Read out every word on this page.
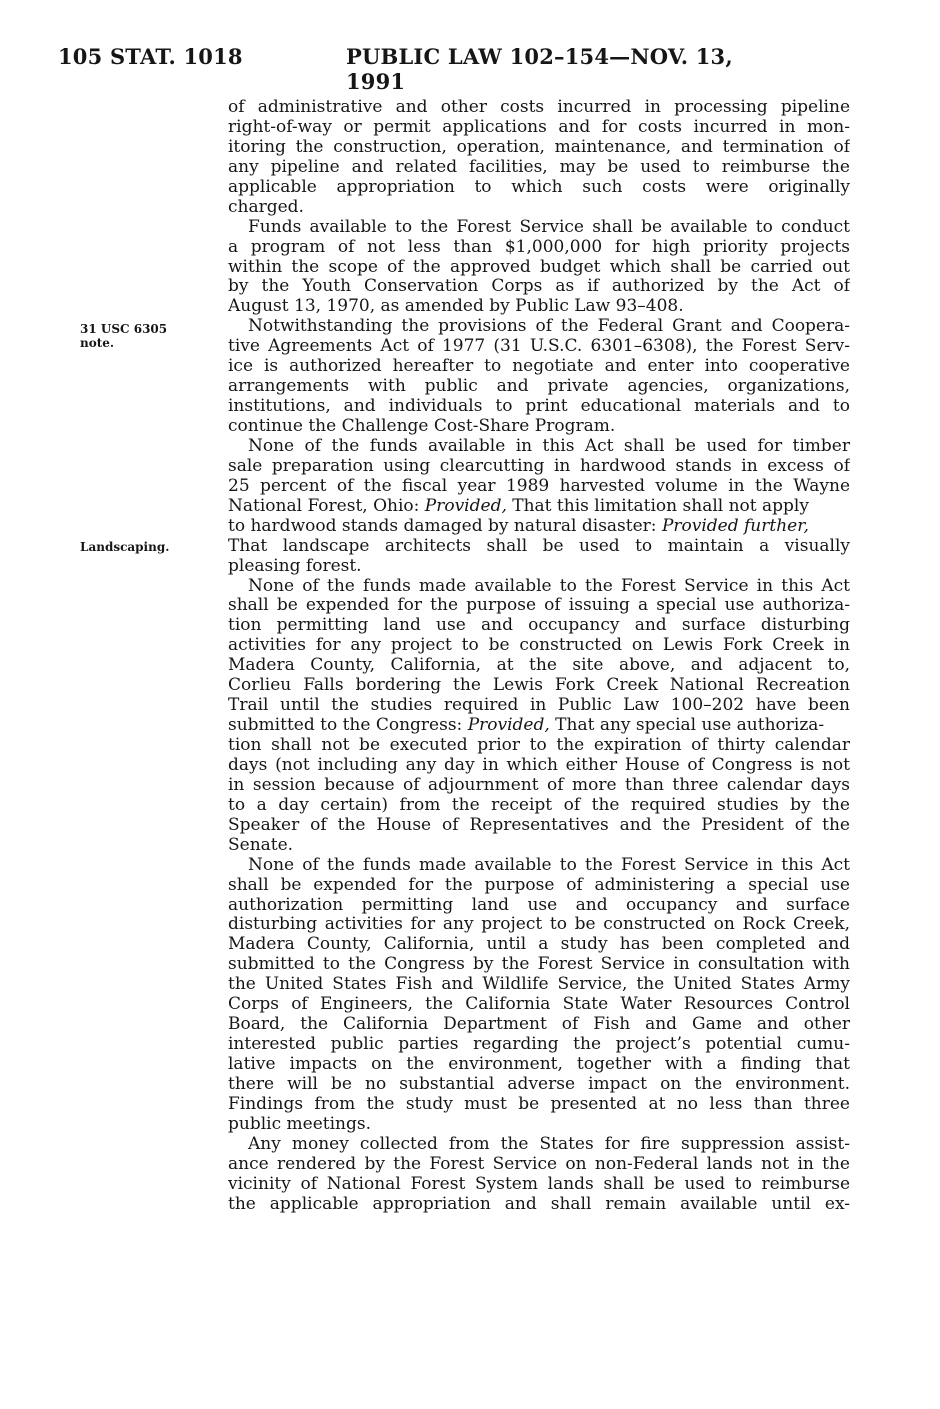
105 STAT. 1018	PUBLIC LAW 102–154—NOV. 13, 1991
31 USC 6305
note.
Landscaping.
of administrative and other costs incurred in processing pipeline
right-of-way or permit applications and for costs incurred in mon-
itoring the construction, operation, maintenance, and termination of
any pipeline and related facilities, may be used to reimburse the
applicable appropriation to which such costs were originally
charged.
Funds available to the Forest Service shall be available to conduct
a program of not less than $1,000,000 for high priority projects
within the scope of the approved budget which shall be carried out
by the Youth Conservation Corps as if authorized by the Act of
August 13, 1970, as amended by Public Law 93–408.
Notwithstanding the provisions of the Federal Grant and Coopera-
tive Agreements Act of 1977 (31 U.S.C. 6301–6308), the Forest Serv-
ice is authorized hereafter to negotiate and enter into cooperative
arrangements with public and private agencies, organizations,
institutions, and individuals to print educational materials and to
continue the Challenge Cost-Share Program.
None of the funds available in this Act shall be used for timber
sale preparation using clearcutting in hardwood stands in excess of
25 percent of the fiscal year 1989 harvested volume in the Wayne
National Forest, Ohio: Provided, That this limitation shall not apply
to hardwood stands damaged by natural disaster: Provided further,
That landscape architects shall be used to maintain a visually
pleasing forest.
None of the funds made available to the Forest Service in this Act
shall be expended for the purpose of issuing a special use authoriza-
tion permitting land use and occupancy and surface disturbing
activities for any project to be constructed on Lewis Fork Creek in
Madera County, California, at the site above, and adjacent to,
Corlieu Falls bordering the Lewis Fork Creek National Recreation
Trail until the studies required in Public Law 100–202 have been
submitted to the Congress: Provided, That any special use authoriza-
tion shall not be executed prior to the expiration of thirty calendar
days (not including any day in which either House of Congress is not
in session because of adjournment of more than three calendar days
to a day certain) from the receipt of the required studies by the
Speaker of the House of Representatives and the President of the
Senate.
None of the funds made available to the Forest Service in this Act
shall be expended for the purpose of administering a special use
authorization permitting land use and occupancy and surface
disturbing activities for any project to be constructed on Rock Creek,
Madera County, California, until a study has been completed and
submitted to the Congress by the Forest Service in consultation with
the United States Fish and Wildlife Service, the United States Army
Corps of Engineers, the California State Water Resources Control
Board, the California Department of Fish and Game and other
interested public parties regarding the project’s potential cumu-
lative impacts on the environment, together with a finding that
there will be no substantial adverse impact on the environment.
Findings from the study must be presented at no less than three
public meetings.
Any money collected from the States for fire suppression assist-
ance rendered by the Forest Service on non-Federal lands not in the
vicinity of National Forest System lands shall be used to reimburse
the applicable appropriation and shall remain available until ex-
